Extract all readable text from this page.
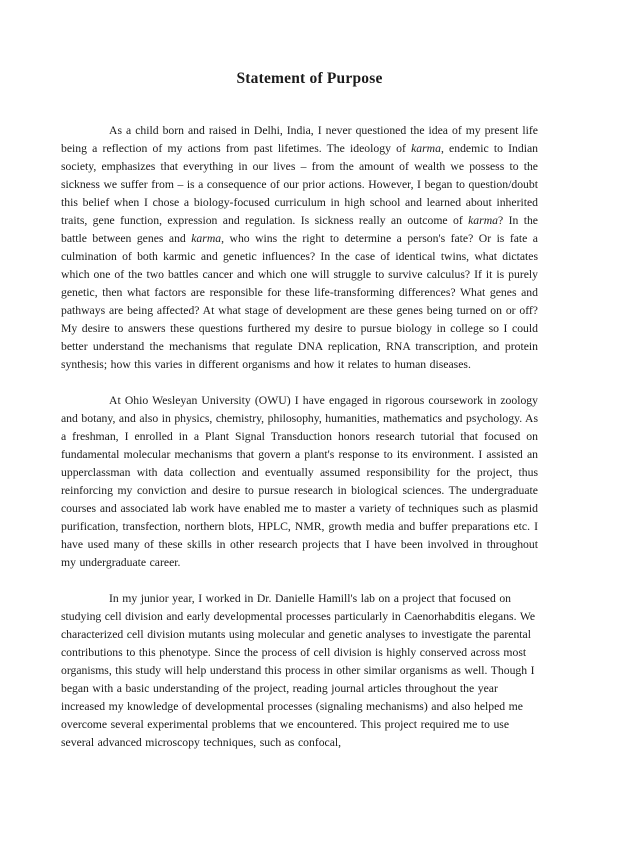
Statement of Purpose

As a child born and raised in Delhi, India, I never questioned the idea of my present life being a reflection of my actions from past lifetimes. The ideology of karma, endemic to Indian society, emphasizes that everything in our lives – from the amount of wealth we possess to the sickness we suffer from – is a consequence of our prior actions. However, I began to question/doubt this belief when I chose a biology-focused curriculum in high school and learned about inherited traits, gene function, expression and regulation. Is sickness really an outcome of karma? In the battle between genes and karma, who wins the right to determine a person's fate? Or is fate a culmination of both karmic and genetic influences? In the case of identical twins, what dictates which one of the two battles cancer and which one will struggle to survive calculus? If it is purely genetic, then what factors are responsible for these life-transforming differences? What genes and pathways are being affected? At what stage of development are these genes being turned on or off? My desire to answers these questions furthered my desire to pursue biology in college so I could better understand the mechanisms that regulate DNA replication, RNA transcription, and protein synthesis; how this varies in different organisms and how it relates to human diseases.

At Ohio Wesleyan University (OWU) I have engaged in rigorous coursework in zoology and botany, and also in physics, chemistry, philosophy, humanities, mathematics and psychology. As a freshman, I enrolled in a Plant Signal Transduction honors research tutorial that focused on fundamental molecular mechanisms that govern a plant's response to its environment. I assisted an upperclassman with data collection and eventually assumed responsibility for the project, thus reinforcing my conviction and desire to pursue research in biological sciences. The undergraduate courses and associated lab work have enabled me to master a variety of techniques such as plasmid purification, transfection, northern blots, HPLC, NMR, growth media and buffer preparations etc. I have used many of these skills in other research projects that I have been involved in throughout my undergraduate career.

In my junior year, I worked in Dr. Danielle Hamill's lab on a project that focused on studying cell division and early developmental processes particularly in Caenorhabditis elegans. We characterized cell division mutants using molecular and genetic analyses to investigate the parental contributions to this phenotype. Since the process of cell division is highly conserved across most organisms, this study will help understand this process in other similar organisms as well. Though I began with a basic understanding of the project, reading journal articles throughout the year increased my knowledge of developmental processes (signaling mechanisms) and also helped me overcome several experimental problems that we encountered. This project required me to use several advanced microscopy techniques, such as confocal,
